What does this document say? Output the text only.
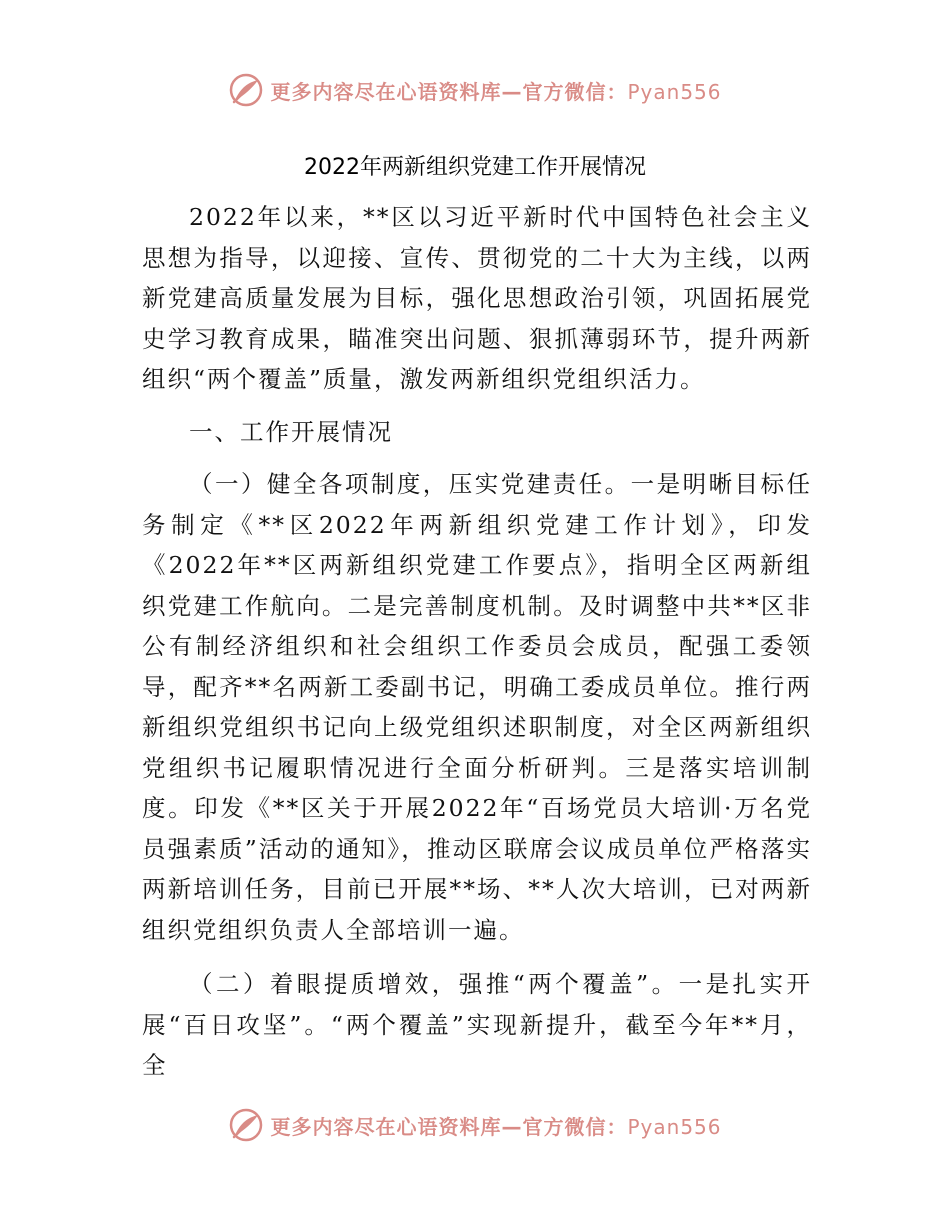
更多内容尽在心语资料库—官方微信：Pyan556
2022年两新组织党建工作开展情况

2022年以来，**区以习近平新时代中国特色社会主义思想为指导，以迎接、宣传、贯彻党的二十大为主线，以两新党建高质量发展为目标，强化思想政治引领，巩固拓展党史学习教育成果，瞄准突出问题、狠抓薄弱环节，提升两新组织“两个覆盖”质量，激发两新组织党组织活力。

一、工作开展情况

（一）健全各项制度，压实党建责任。一是明晰目标任务制定《**区2022年两新组织党建工作计划》，印发《2022年**区两新组织党建工作要点》，指明全区两新组织党建工作航向。二是完善制度机制。及时调整中共**区非公有制经济组织和社会组织工作委员会成员，配强工委领导，配齐**名两新工委副书记，明确工委成员单位。推行两新组织党组织书记向上级党组织述职制度，对全区两新组织党组织书记履职情况进行全面分析研判。三是落实培训制度。印发《**区关于开展2022年“百场党员大培训·万名党员强素质”活动的通知》，推动区联席会议成员单位严格落实两新培训任务，目前已开展**场、**人次大培训，已对两新组织党组织负责人全部培训一遍。

（二）着眼提质增效，强推“两个覆盖”。一是扎实开展“百日攻坚”。“两个覆盖”实现新提升，截至今年**月，全

更多内容尽在心语资料库—官方微信：Pyan556
